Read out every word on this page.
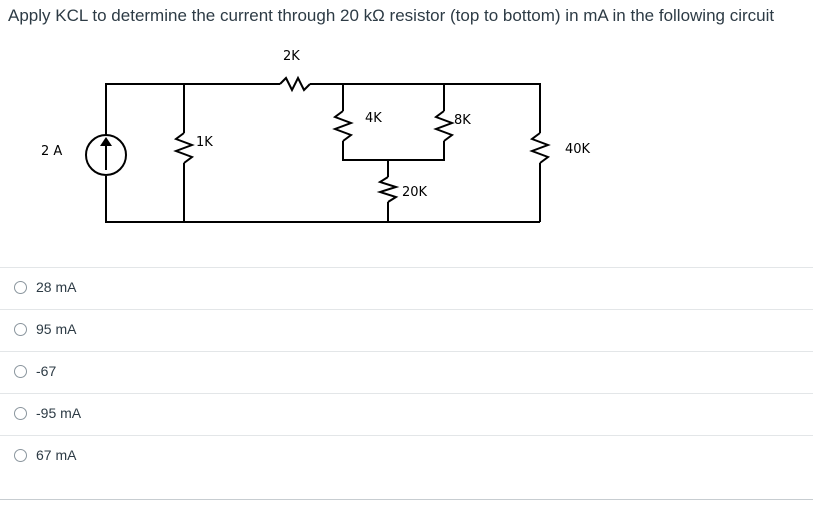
Apply KCL to determine the current through 20 kΩ resistor (top to bottom) in mA in the following circuit
2 A
1K
2K
4K	8K
20K
40K
28 mA
95 mA
-67
-95 mA
67 mA
